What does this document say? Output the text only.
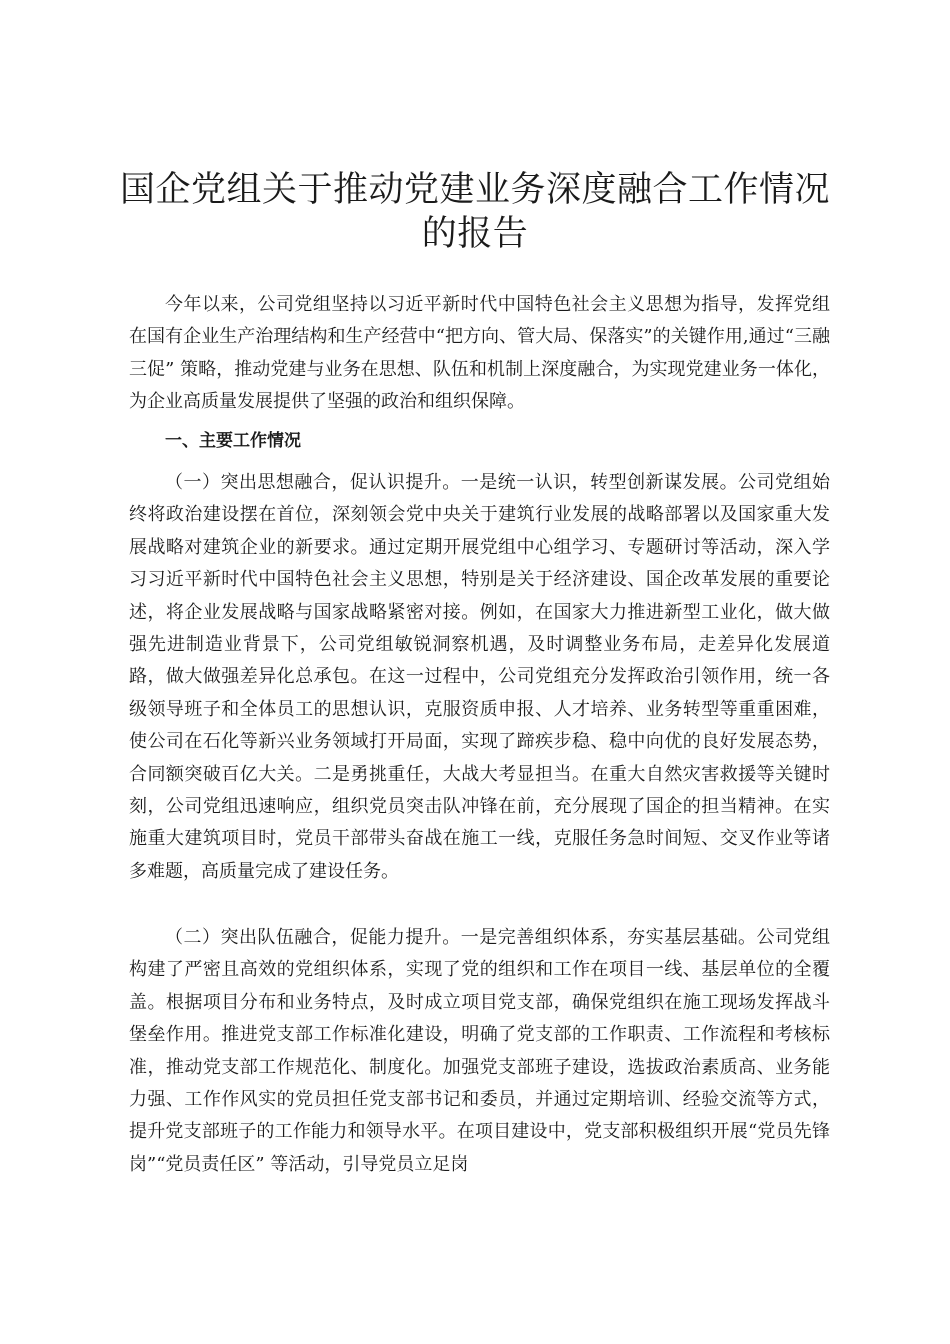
国企党组关于推动党建业务深度融合工作情况
的报告

今年以来，公司党组坚持以习近平新时代中国特色社会主义思想为指导，发挥党组在国有企业生产治理结构和生产经营中“把方向、管大局、保落实”的关键作用,通过“三融三促” 策略，推动党建与业务在思想、队伍和机制上深度融合，为实现党建业务一体化，为企业高质量发展提供了坚强的政治和组织保障。

一、主要工作情况

（一）突出思想融合，促认识提升。一是统一认识，转型创新谋发展。公司党组始终将政治建设摆在首位，深刻领会党中央关于建筑行业发展的战略部署以及国家重大发展战略对建筑企业的新要求。通过定期开展党组中心组学习、专题研讨等活动，深入学习习近平新时代中国特色社会主义思想，特别是关于经济建设、国企改革发展的重要论述，将企业发展战略与国家战略紧密对接。例如，在国家大力推进新型工业化，做大做强先进制造业背景下，公司党组敏锐洞察机遇，及时调整业务布局，走差异化发展道路，做大做强差异化总承包。在这一过程中，公司党组充分发挥政治引领作用，统一各级领导班子和全体员工的思想认识，克服资质申报、人才培养、业务转型等重重困难，使公司在石化等新兴业务领域打开局面，实现了蹄疾步稳、稳中向优的良好发展态势，合同额突破百亿大关。二是勇挑重任，大战大考显担当。在重大自然灾害救援等关键时刻，公司党组迅速响应，组织党员突击队冲锋在前，充分展现了国企的担当精神。在实施重大建筑项目时，党员干部带头奋战在施工一线，克服任务急时间短、交叉作业等诸多难题，高质量完成了建设任务。

（二）突出队伍融合，促能力提升。一是完善组织体系，夯实基层基础。公司党组构建了严密且高效的党组织体系，实现了党的组织和工作在项目一线、基层单位的全覆盖。根据项目分布和业务特点，及时成立项目党支部，确保党组织在施工现场发挥战斗堡垒作用。推进党支部工作标准化建设，明确了党支部的工作职责、工作流程和考核标准，推动党支部工作规范化、制度化。加强党支部班子建设，选拔政治素质高、业务能力强、工作作风实的党员担任党支部书记和委员，并通过定期培训、经验交流等方式，提升党支部班子的工作能力和领导水平。在项目建设中，党支部积极组织开展“党员先锋岗”“党员责任区” 等活动，引导党员立足岗
